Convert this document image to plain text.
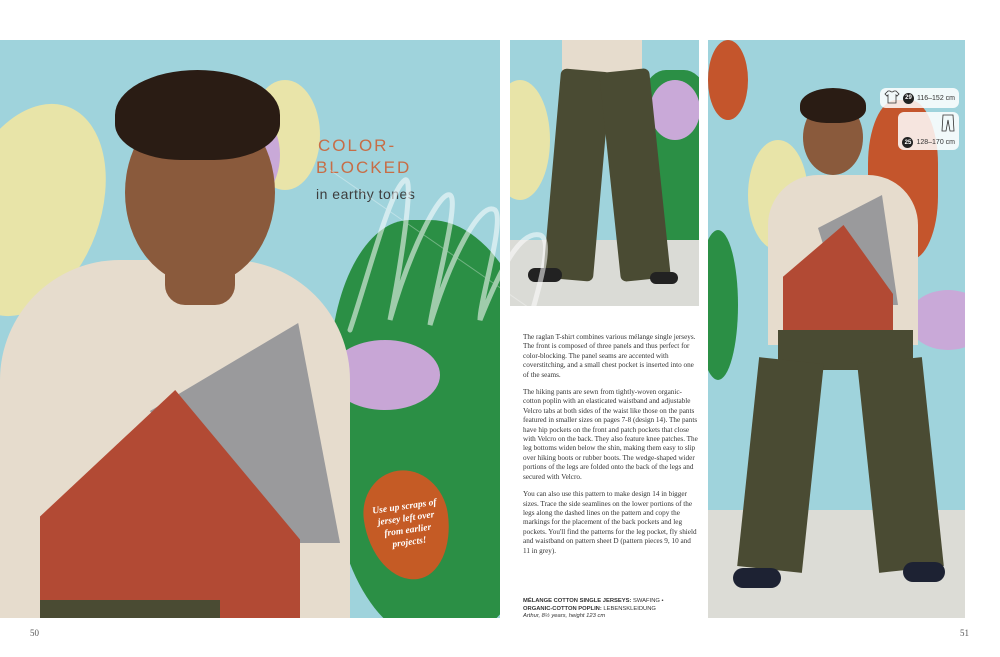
COLOR-
BLOCKED
in earthy tones
Use up scraps of jersey left over from earlier projects!

The raglan T-shirt combines various mélange single jerseys. The front is composed of three panels and thus perfect for color-blocking. The panel seams are accented with coverstitching, and a small chest pocket is inserted into one of the seams.

The hiking pants are sewn from tightly-woven organic-cotton poplin with an elasticated waistband and adjustable Velcro tabs at both sides of the waist like those on the pants featured in smaller sizes on pages 7-8 (design 14). The pants have hip pockets on the front and patch pockets that close with Velcro on the back. They also feature knee patches. The leg bottoms widen below the shin, making them easy to slip over hiking boots or rubber boots. The wedge-shaped wider portions of the legs are folded onto the back of the legs and secured with Velcro.

You can also use this pattern to make design 14 in bigger sizes. Trace the side seamlines on the lower portions of the legs along the dashed lines on the pattern and copy the markings for the placement of the back pockets and leg pockets. You'll find the patterns for the leg pocket, fly shield and waistband on pattern sheet D (pattern pieces 9, 10 and 11 in grey).

MÉLANGE COTTON SINGLE JERSEYS: SWAFING •
ORGANIC-COTTON POPLIN: LEBENSKLEIDUNG
Arthur, 8½ years, height 123 cm
29 116–152 cm
25 128–170 cm
50	51
